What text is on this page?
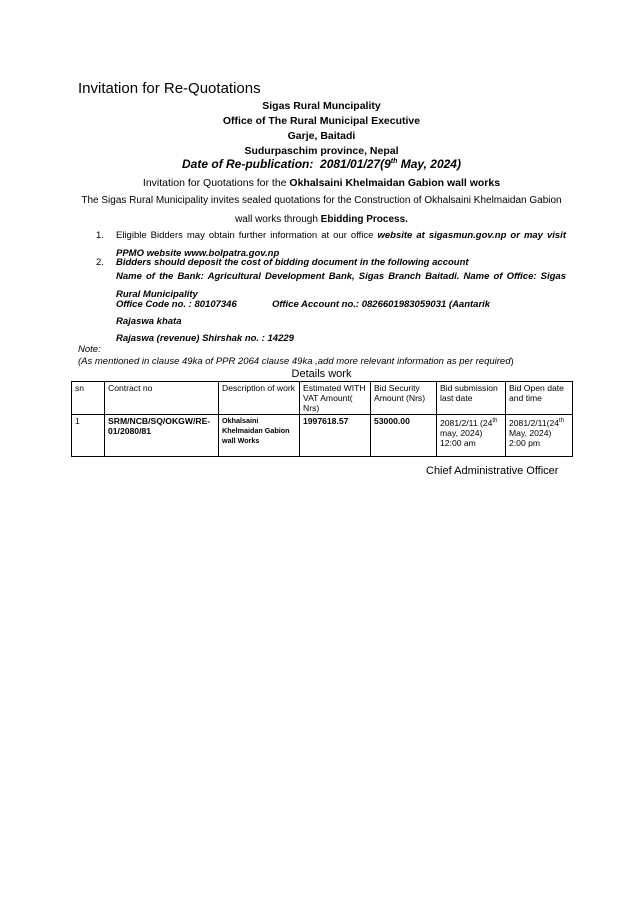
Invitation for Re-Quotations
Sigas Rural Muncipality
Office of The Rural Municipal Executive
Garje, Baitadi
Sudurpaschim province, Nepal
Date of Re-publication: 2081/01/27(9th May, 2024)
Invitation for Quotations for the Okhalsaini Khelmaidan Gabion wall works
The Sigas Rural Municipality invites sealed quotations for the Construction of Okhalsaini Khelmaidan Gabion
wall works through Ebidding Process.
1. Eligible Bidders may obtain further information at our office website at sigasmun.gov.np or may visit PPMO website www.bolpatra.gov.np
2. Bidders should deposit the cost of bidding document in the following account
Name of the Bank: Agricultural Development Bank, Sigas Branch Baitadi. Name of Office: Sigas Rural Municipality
Office Code no. : 80107346	Office Account no.: 0826601983059031 (Aantarik
Rajaswa khata
Rajaswa (revenue) Shirshak no. : 14229
Note:
(As mentioned in clause 49ka of PPR 2064 clause 49ka ,add more relevant information as per required)
Details work
sn	Contract no	Description of work	Estimated WITH VAT Amount( Nrs)	Bid Security Amount (Nrs)	Bid submission last date	Bid Open date and time
1	SRM/NCB/SQ/OKGW/RE-01/2080/81	Okhalsaini Khelmaidan Gabion wall Works	1997618.57	53000.00	2081/2/11 (24th may, 2024) 12:00 am	2081/2/11(24th May, 2024) 2:00 pm
Chief Administrative Officer
